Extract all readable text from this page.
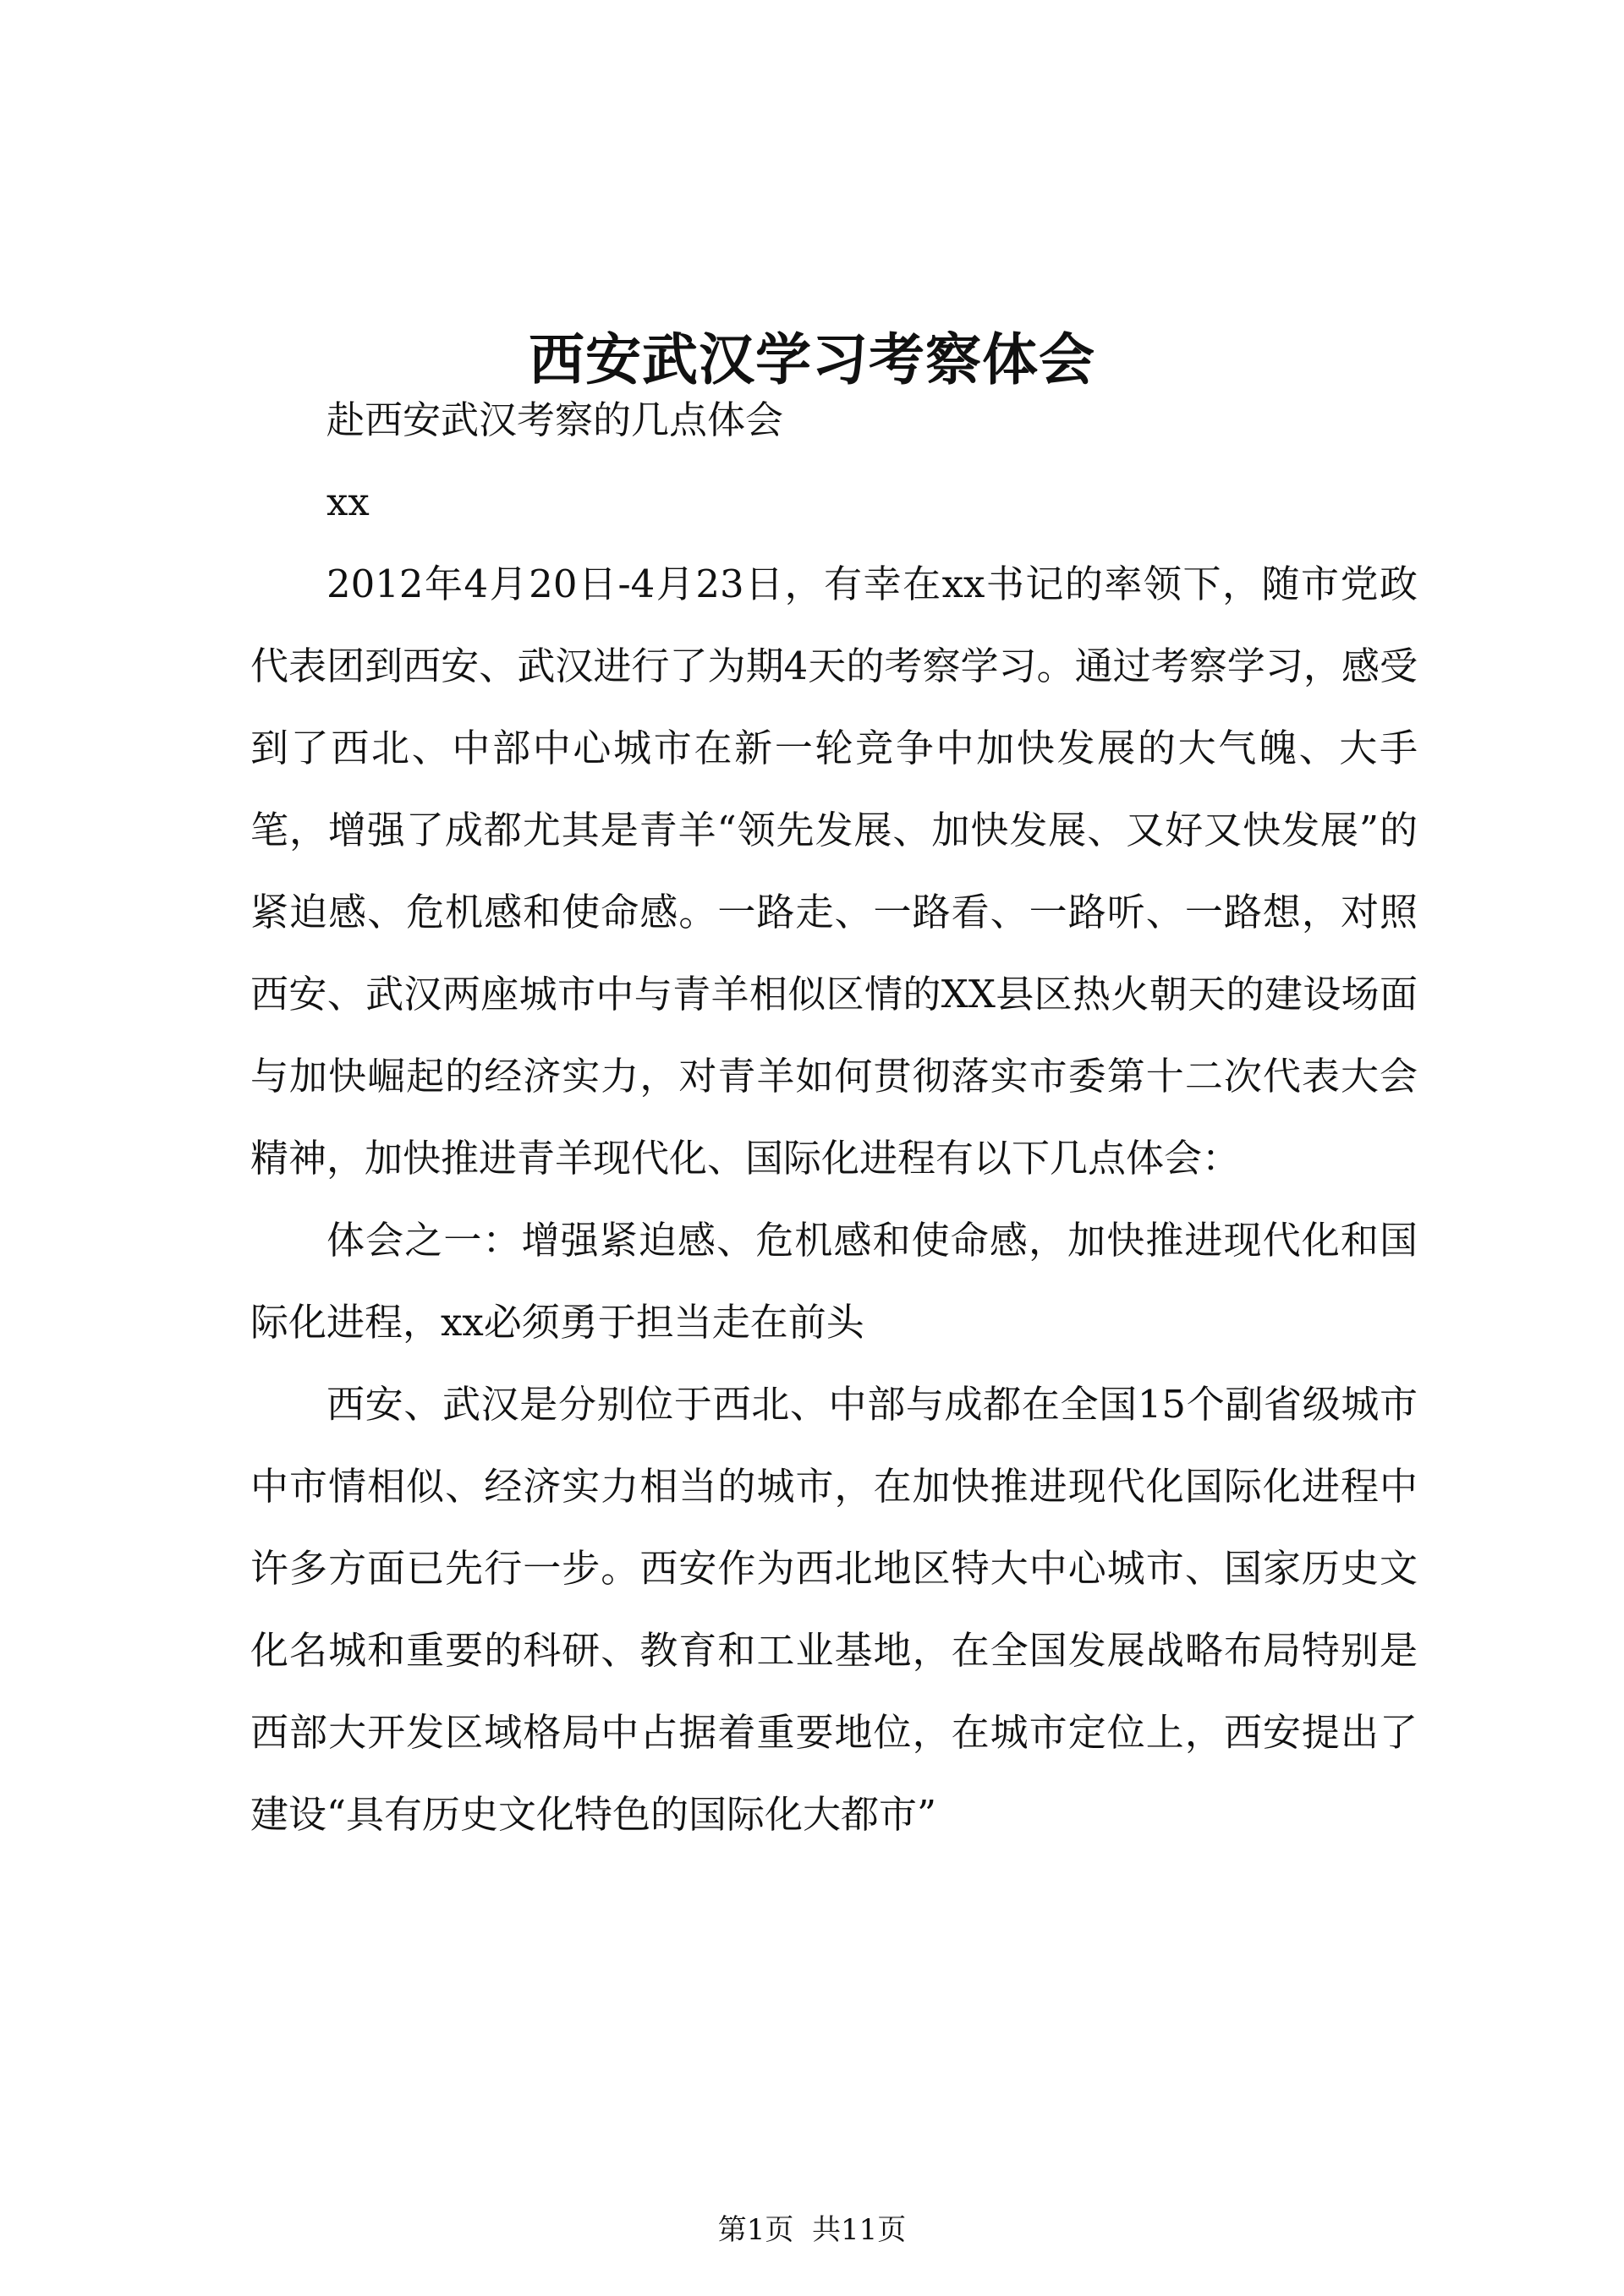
西安武汉学习考察体会

赴西安武汉考察的几点体会

xx

2012年4月20日-4月23日，有幸在xx书记的率领下，随市党政代表团到西安、武汉进行了为期4天的考察学习。通过考察学习，感受到了西北、中部中心城市在新一轮竞争中加快发展的大气魄、大手笔，增强了成都尤其是青羊“领先发展、加快发展、又好又快发展”的紧迫感、危机感和使命感。一路走、一路看、一路听、一路想，对照西安、武汉两座城市中与青羊相似区情的XX县区热火朝天的建设场面与加快崛起的经济实力，对青羊如何贯彻落实市委第十二次代表大会精神，加快推进青羊现代化、国际化进程有以下几点体会：

体会之一：增强紧迫感、危机感和使命感，加快推进现代化和国际化进程，xx必须勇于担当走在前头

西安、武汉是分别位于西北、中部与成都在全国15个副省级城市中市情相似、经济实力相当的城市，在加快推进现代化国际化进程中许多方面已先行一步。西安作为西北地区特大中心城市、国家历史文化名城和重要的科研、教育和工业基地，在全国发展战略布局特别是西部大开发区域格局中占据着重要地位，在城市定位上，西安提出了建设“具有历史文化特色的国际化大都市”

第1页 共11页
